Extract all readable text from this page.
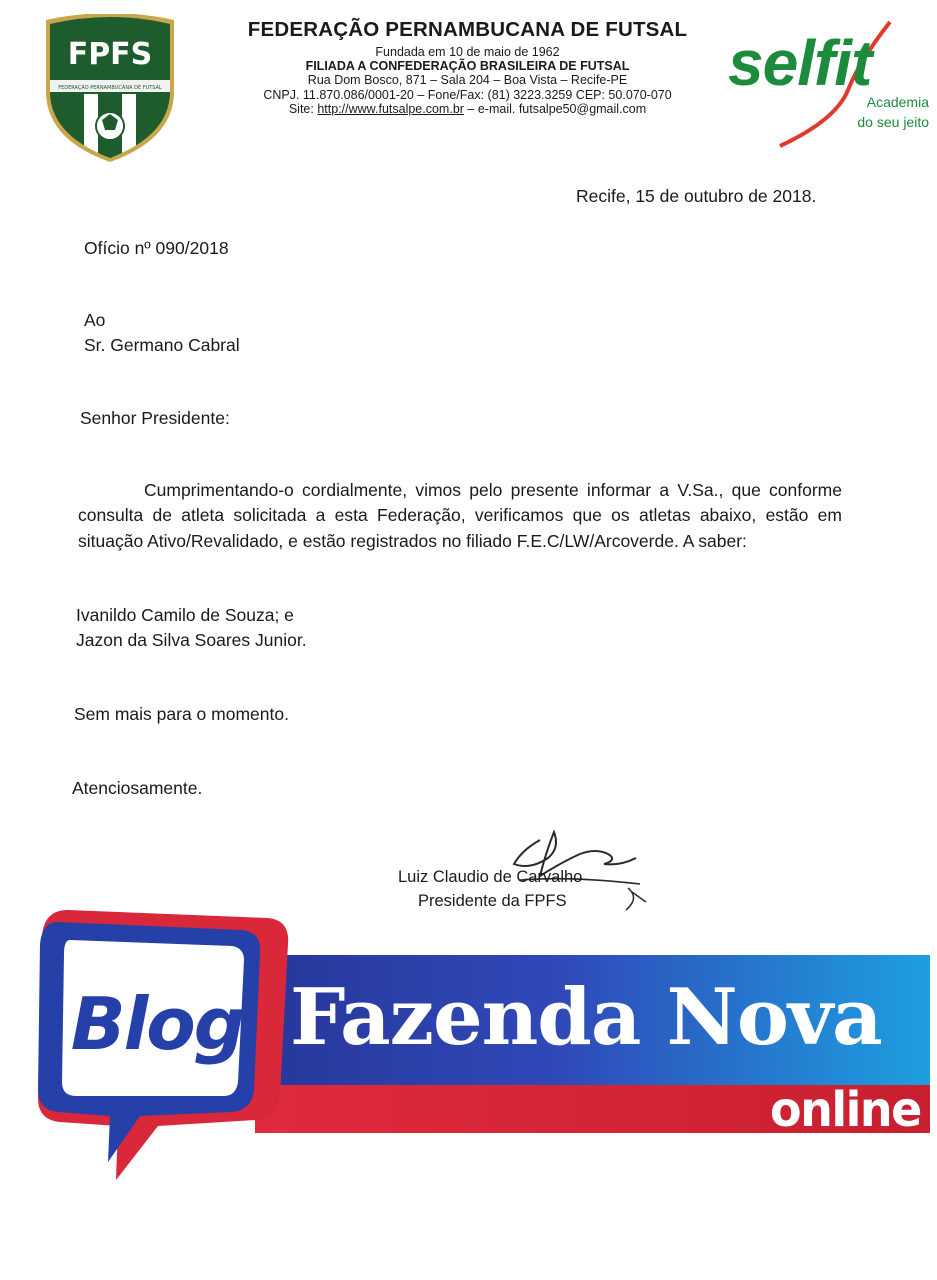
FPFS
FEDERAÇÃO PERNAMBUCANA DE FUTSAL
FEDERAÇÃO PERNAMBUCANA DE FUTSAL
Fundada em 10 de maio de 1962
FILIADA A CONFEDERAÇÃO BRASILEIRA DE FUTSAL
Rua Dom Bosco, 871 – Sala 204 – Boa Vista – Recife-PE
CNPJ. 11.870.086/0001-20 – Fone/Fax: (81) 3223.3259 CEP: 50.070-070
Site: http://www.futsalpe.com.br – e-mail. futsalpe50@gmail.com
selfit
Academia
do seu jeito
Recife, 15 de outubro de 2018.
Ofício nº 090/2018
Ao
Sr. Germano Cabral
Senhor Presidente:
Cumprimentando-o cordialmente, vimos pelo presente informar a V.Sa., que conforme consulta de atleta solicitada a esta Federação, verificamos que os atletas abaixo, estão em situação Ativo/Revalidado, e estão registrados no filiado F.E.C/LW/Arcoverde. A saber:
Ivanildo Camilo de Souza; e
Jazon da Silva Soares Junior.
Sem mais para o momento.
Atenciosamente.
Luiz Claudio de Carvalho
Presidente da FPFS
Fazenda Nova
online
Blog
